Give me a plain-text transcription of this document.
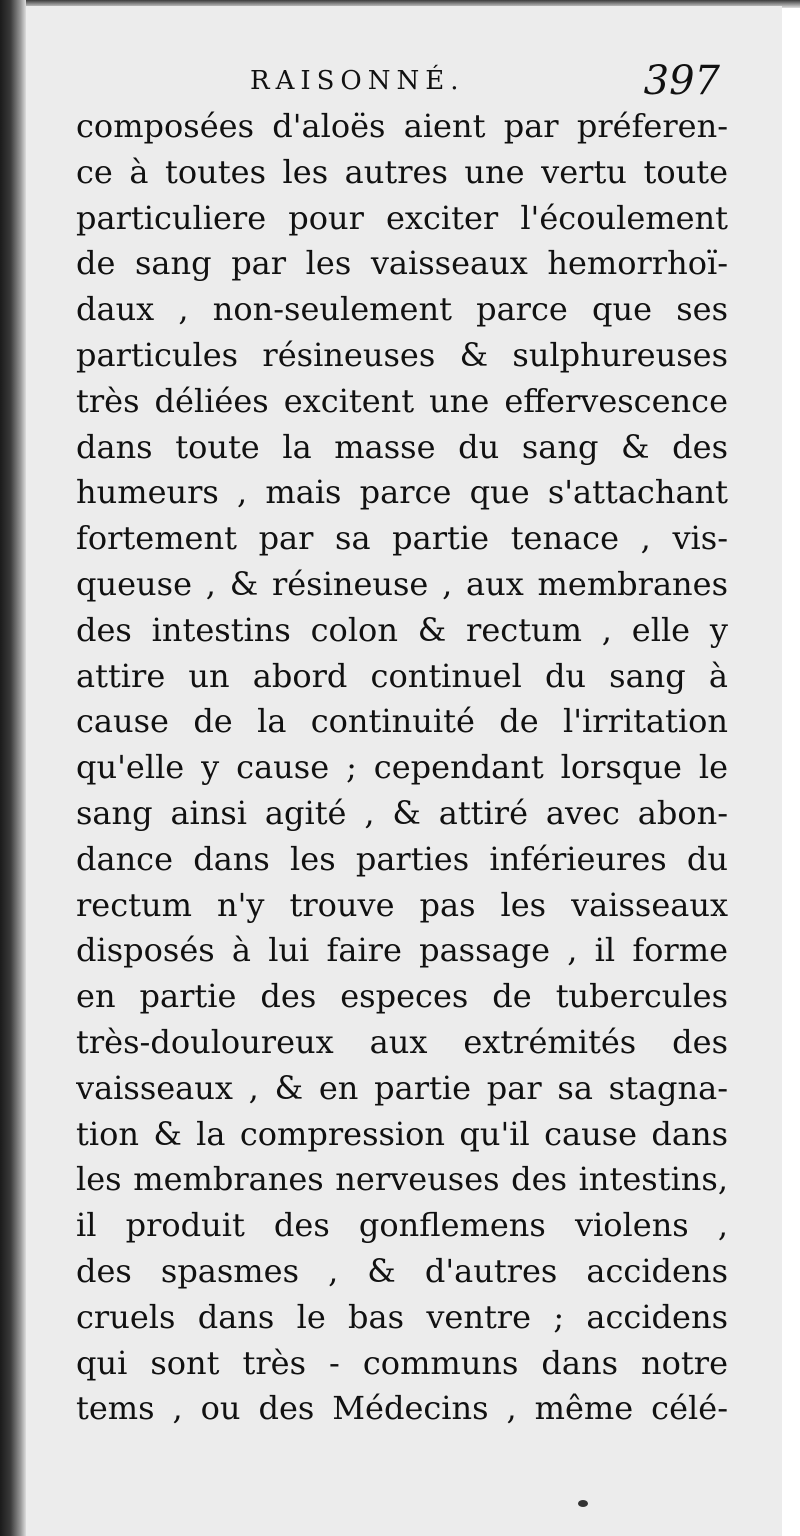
RAISONNÉ.	397
composées d'aloës aient par préferen-
ce à toutes les autres une vertu toute
particuliere pour exciter l'écoulement
de sang par les vaisseaux hemorrhoï-
daux , non-seulement parce que ses
particules résineuses & sulphureuses
très déliées excitent une effervescence
dans toute la masse du sang & des
humeurs , mais parce que s'attachant
fortement par sa partie tenace , vis-
queuse , & résineuse , aux membranes
des intestins colon & rectum , elle y
attire un abord continuel du sang à
cause de la continuité de l'irritation
qu'elle y cause ; cependant lorsque le
sang ainsi agité , & attiré avec abon-
dance dans les parties inférieures du
rectum n'y trouve pas les vaisseaux
disposés à lui faire passage , il forme
en partie des especes de tubercules
très-douloureux aux extrémités des
vaisseaux , & en partie par sa stagna-
tion & la compression qu'il cause dans
les membranes nerveuses des intestins,
il produit des gonflemens violens ,
des spasmes , & d'autres accidens
cruels dans le bas ventre ; accidens
qui sont très - communs dans notre
tems , ou des Médecins , même célé-
